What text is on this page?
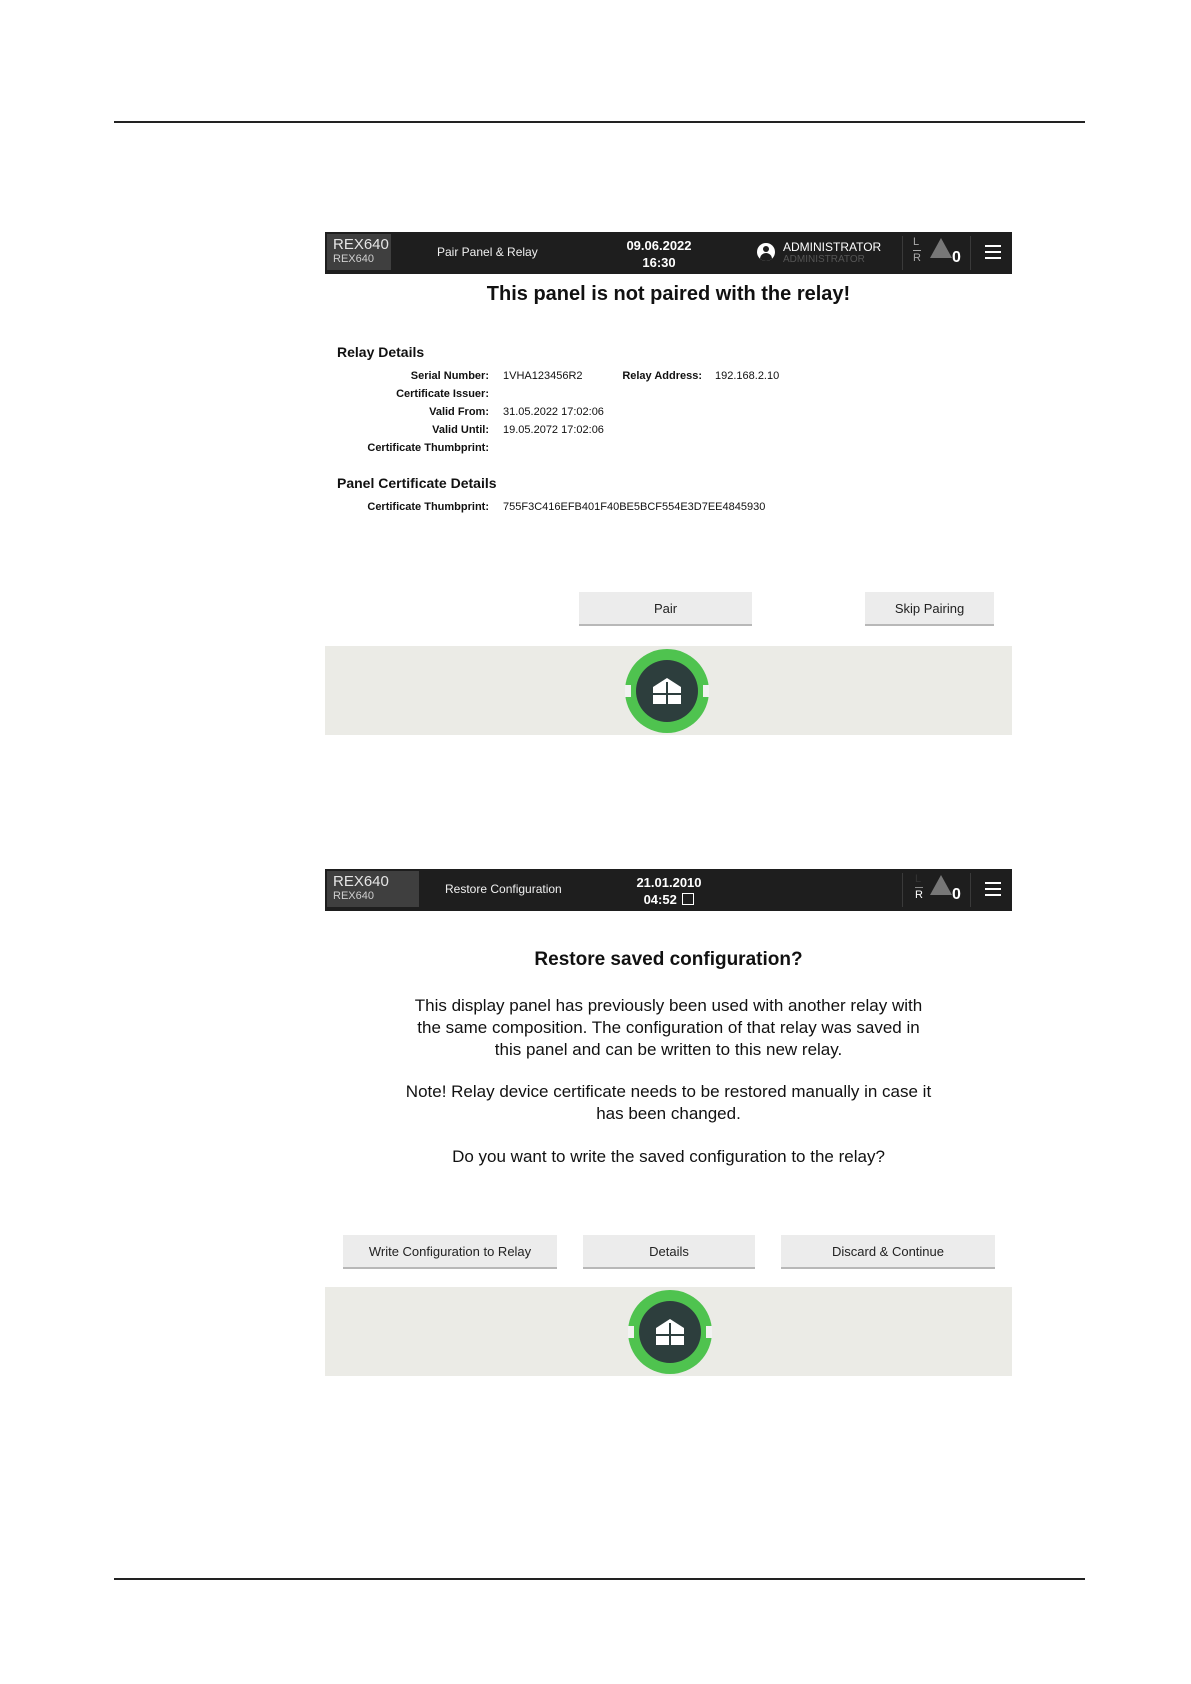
REX640
REX640	Pair Panel & Relay	09.06.2022
16:30
ADMINISTRATOR
ADMINISTRATOR
L
R 0
This panel is not paired with the relay!
Relay Details
Serial Number: 1VHA123456R2	Relay Address: 192.168.2.10
Certificate Issuer:
Valid From: 31.05.2022 17:02:06
Valid Until: 19.05.2072 17:02:06
Certificate Thumbprint:
Panel Certificate Details
Certificate Thumbprint: 755F3C416EFB401F40BE5BCF554E3D7EE4845930
Pair	Skip Pairing
REX640
REX640	Restore Configuration	21.01.2010
04:52
L
R 0
Restore saved configuration?
This display panel has previously been used with another relay with
the same composition. The configuration of that relay was saved in
this panel and can be written to this new relay.
Note! Relay device certificate needs to be restored manually in case it
has been changed.
Do you want to write the saved configuration to the relay?
Write Configuration to Relay	Details	Discard & Continue
